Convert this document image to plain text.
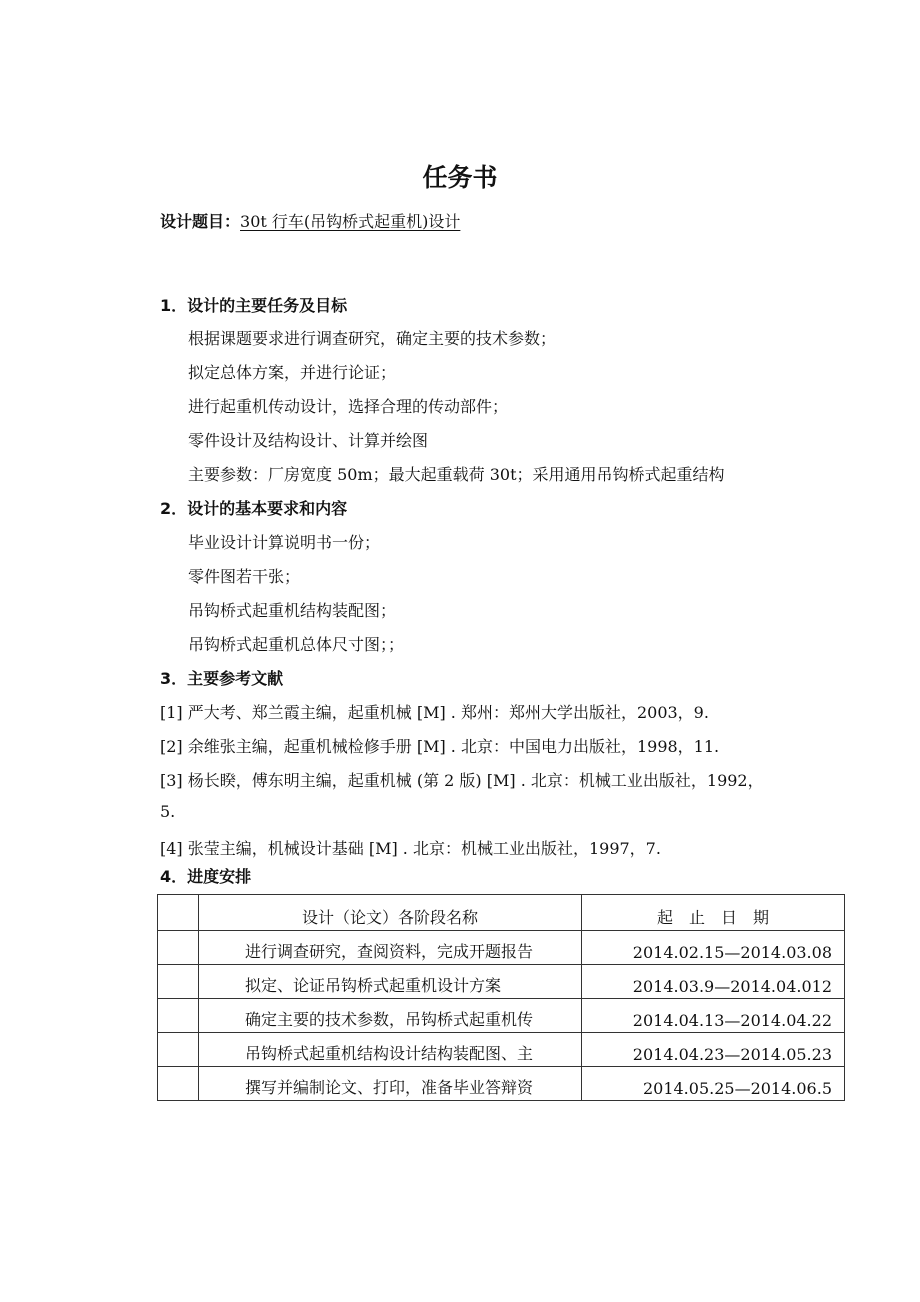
任务书
设计题目：30t 行车(吊钩桥式起重机)设计
1．设计的主要任务及目标
根据课题要求进行调查研究，确定主要的技术参数；
拟定总体方案，并进行论证；
进行起重机传动设计，选择合理的传动部件；
零件设计及结构设计、计算并绘图
主要参数：厂房宽度 50m；最大起重载荷 30t；采用通用吊钩桥式起重结构
2．设计的基本要求和内容
毕业设计计算说明书一份；
零件图若干张；
吊钩桥式起重机结构装配图；
吊钩桥式起重机总体尺寸图；；
3．主要参考文献
[1] 严大考、郑兰霞主编，起重机械 [M] . 郑州：郑州大学出版社，2003，9.
[2] 余维张主编，起重机械检修手册 [M] . 北京：中国电力出版社，1998，11.
[3] 杨长睽，傅东明主编，起重机械 (第 2 版) [M] . 北京：机械工业出版社，1992，
5.
[4] 张莹主编，机械设计基础 [M] . 北京：机械工业出版社，1997，7.
4．进度安排
	设计（论文）各阶段名称	起　止　日　期
	进行调查研究，查阅资料，完成开题报告	2014.02.15—2014.03.08
	拟定、论证吊钩桥式起重机设计方案	2014.03.9—2014.04.012
	确定主要的技术参数，吊钩桥式起重机传	2014.04.13—2014.04.22
	吊钩桥式起重机结构设计结构装配图、主	2014.04.23—2014.05.23
	撰写并编制论文、打印，准备毕业答辩资	2014.05.25—2014.06.5
